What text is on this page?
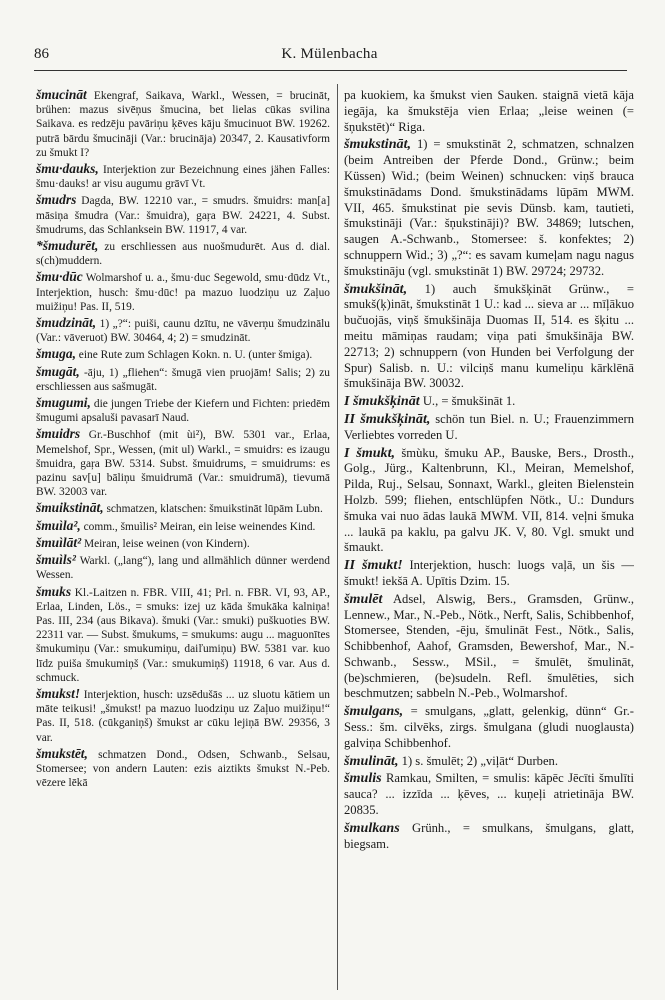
86	K. Mülenbacha

šmucināt Ekengraf, Saikava, Warkl., Wessen, = brucināt, brühen: mazus sivēņus šmucina, bet lielas cūkas svilina Saikava. es redzēju pavāriņu ķēves kāju šmucinuot BW. 19262. putrā bārdu šmucināji (Var.: brucināja) 20347, 2. Kausativform zu šmukt I?

šmu·dauks, Interjektion zur Bezeichnung eines jähen Falles: šmu·dauks! ar visu augumu grāvī Vt.

šmudrs Dagda, BW. 12210 var., = smudrs. šmuidrs: man[a] māsiņa šmudra (Var.: šmuidra), gaŗa BW. 24221, 4. Subst. šmudrums, das Schlanksein BW. 11917, 4 var.

*šmudurēt, zu erschliessen aus nuošmudurēt. Aus d. dial. s(ch)muddern.

šmu·dūc Wolmarshof u. a., šmu·duc Segewold, smu·dūdz Vt., Interjektion, husch: šmu·dūc! pa mazuo luodziņu uz Zaļuo muižiņu! Pas. II, 519.

šmudzināt, 1) „?“: puiši, caunu dzītu, ne vāverņu šmudzinālu (Var.: vāveruot) BW. 30464, 4; 2) = smudzināt.

šmuga, eine Rute zum Schlagen Kokn. n. U. (unter šmiga).

šmugāt, -āju, 1) „fliehen“: šmugā vien pruojām! Salis; 2) zu erschliessen aus sašmugāt.

šmugumi, die jungen Triebe der Kiefern und Fichten: priedēm šmugumi apsaluši pavasarī Naud.

šmuidrs Gr.-Buschhof (mit ùi²), BW. 5301 var., Erlaa, Memelshof, Spr., Wessen, (mit ul) Warkl., = smuidrs: es izaugu šmuidra, gaŗa BW. 5314. Subst. šmuidrums, = smuidrums: es pazinu sav[u] bāliņu šmuidrumā (Var.: smuidrumā), tievumā BW. 32003 var.

šmuikstināt, schmatzen, klatschen: šmuikstināt lūpām Lubn.

šmuìla², comm., šmuìlis² Meiran, ein leise weinendes Kind.

šmuìlāt² Meiran, leise weinen (von Kindern).

šmuìls² Warkl. („lang“), lang und allmählich dünner werdend Wessen.

šmuks Kl.-Laitzen n. FBR. VIII, 41; Prl. n. FBR. VI, 93, AP., Erlaa, Linden, Lös., = smuks: izej uz kāda šmukāka kalniņa! Pas. III, 234 (aus Bikava). šmuki (Var.: smuki) puškuoties BW. 22311 var. — Subst. šmukums, = smukums: augu ... maguonītes šmukumiņu (Var.: smukumiņu, daiľumiņu) BW. 5381 var. kuo līdz puiša šmukumiņš (Var.: smukumiņš) 11918, 6 var. Aus d. schmuck.

šmukst! Interjektion, husch: uzsēdušās ... uz sluotu kātiem un māte teikusi! „šmukst! pa mazuo luodziņu uz Zaļuo muižiņu!“ Pas. II, 518. (cūkganiņš) šmukst ar cūku lejiņā BW. 29356, 3 var.

šmukstēt, schmatzen Dond., Odsen, Schwanb., Selsau, Stomersee; von andern Lauten: ezis aiztikts šmukst N.-Peb. vēzere lēkā

pa kuokiem, ka šmukst vien Sauken. staignā vietā kāja iegāja, ka šmukstēja vien Erlaa; „leise weinen (= šņukstēt)“ Riga.

šmukstināt, 1) = smukstināt 2, schmatzen, schnalzen (beim Antreiben der Pferde Dond., Grünw.; beim Küssen) Wid.; (beim Weinen) schnucken: viņš brauca šmukstinādams Dond. šmukstinādams lūpām MWM. VII, 465. šmukstinat pie sevis Dünsb. kam, tautieti, šmukstināji (Var.: šņukstināji)? BW. 34869; lutschen, saugen A.-Schwanb., Stomersee: š. konfektes; 2) schnuppern Wid.; 3) „?“: es savam kumeļam nagu nagus šmukstināju (vgl. smukstināt 1) BW. 29724; 29732.

šmukšināt, 1) auch šmukšķināt Grünw., = smukš(ķ)ināt, šmukstināt 1 U.: kad ... sieva ar ... mīļākuo bučuojās, viņš šmukšināja Duomas II, 514. es šķitu ... meitu māmiņas raudam; viņa pati šmukšināja BW. 22713; 2) schnuppern (von Hunden bei Verfolgung der Spur) Salisb. n. U.: vilciņš manu kumeliņu kārklēnā šmukšināja BW. 30032.

I šmukšķināt U., = šmukšināt 1.

II šmukšķināt, schön tun Biel. n. U.; Frauenzimmern Verliebtes vorreden U.

I šmukt, šmùku, šmuku AP., Bauske, Bers., Drosth., Golg., Jürg., Kaltenbrunn, Kl., Meiran, Memelshof, Pilda, Ruj., Selsau, Sonnaxt, Warkl., gleiten Bielenstein Holzb. 599; fliehen, entschlüpfen Nötk., U.: Dundurs šmuka vai nuo ādas laukā MWM. VII, 814. veļni šmuka ... laukā pa kaklu, pa galvu JK. V, 80. Vgl. smukt und šmaukt.

II šmukt! Interjektion, husch: luogs vaļā, un šis — šmukt! iekšā A. Upītis Dzim. 15.

šmulēt Adsel, Alswig, Bers., Gramsden, Grünw., Lennew., Mar., N.-Peb., Nötk., Nerft, Salis, Schibbenhof, Stomersee, Stenden, -ēju, šmulināt Fest., Nötk., Salis, Schibbenhof, Aahof, Gramsden, Bewershof, Mar., N.-Schwanb., Sessw., MSil., = šmulēt, šmulināt, (be)schmieren, (be)sudeln. Refl. šmulēties, sich beschmutzen; sabbeln N.-Peb., Wolmarshof.

šmulgans, = smulgans, „glatt, gelenkig, dünn“ Gr.-Sess.: šm. cilvēks, zirgs. šmulgana (gludi nuoglausta) galviņa Schibbenhof.

šmulināt, 1) s. šmulēt; 2) „viļāt“ Durben.

šmulis Ramkau, Smilten, = smulis: kāpēc Jēcīti šmulīti sauca? ... izzīda ... ķēves, ... kuņeļi atrietināja BW. 20835.

šmulkans Grünh., = smulkans, šmulgans, glatt, biegsam.
